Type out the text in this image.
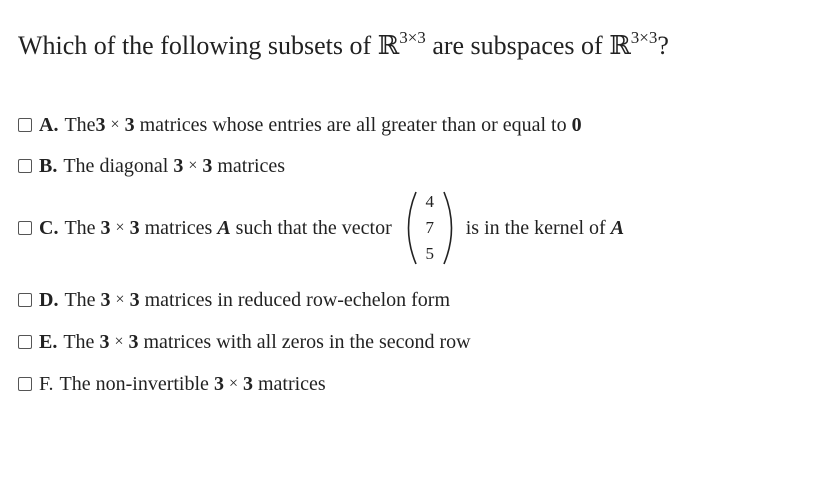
Which of the following subsets of ℝ$^{3\times 3}$ are subspaces of ℝ$^{3\times 3}$?
A. The 3 × 3 matrices whose entries are all greater than or equal to 0
B. The diagonal 3 × 3 matrices
C. The 3 × 3 matrices A such that the vector
4
7
5
is in the kernel of A
D. The 3 × 3 matrices in reduced row-echelon form
E. The 3 × 3 matrices with all zeros in the second row
F. The non-invertible 3 × 3 matrices
